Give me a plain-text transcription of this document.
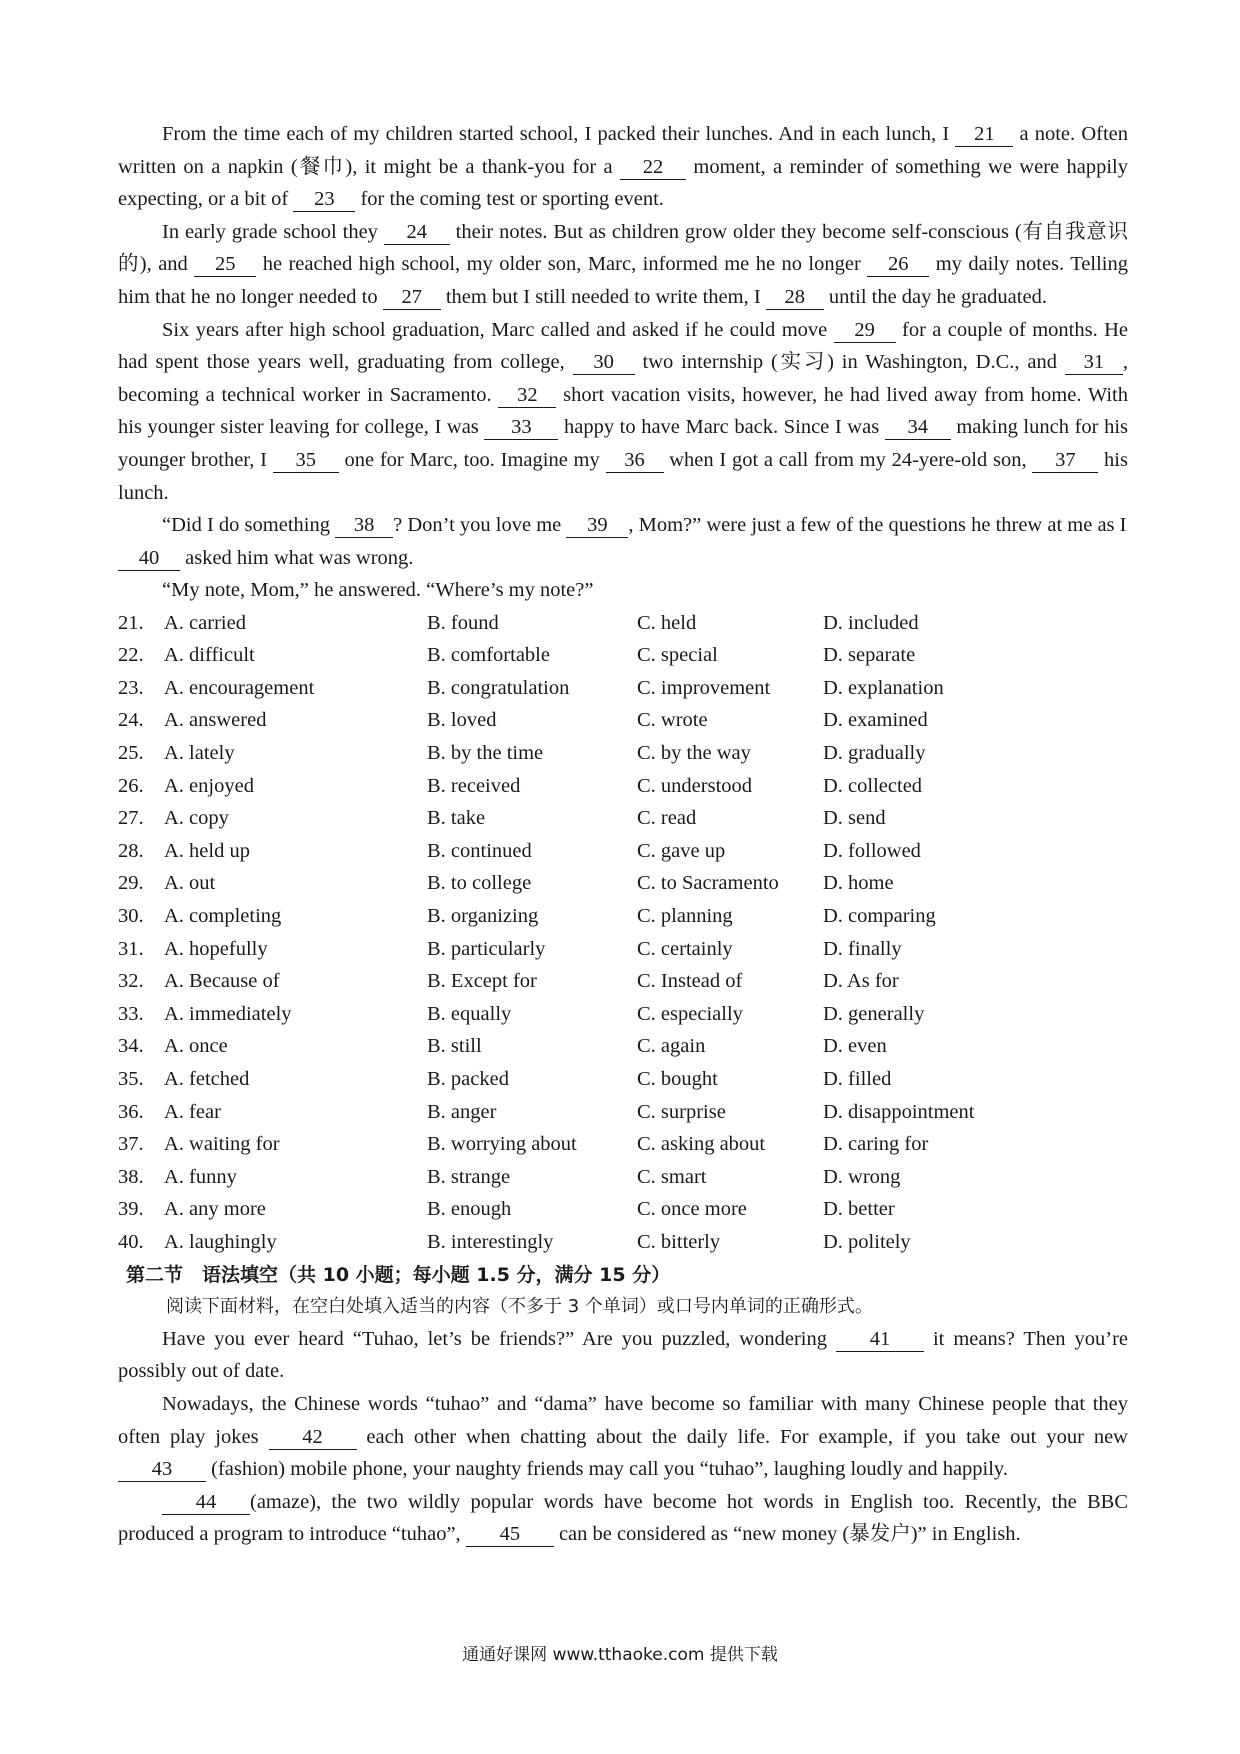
From the time each of my children started school, I packed their lunches. And in each lunch, I 21 a note. Often written on a napkin (餐巾), it might be a thank-you for a 22 moment, a reminder of something we were happily expecting, or a bit of 23 for the coming test or sporting event.

In early grade school they 24 their notes. But as children grow older they become self-conscious (有自我意识的), and 25 he reached high school, my older son, Marc, informed me he no longer 26 my daily notes. Telling him that he no longer needed to 27 them but I still needed to write them, I 28 until the day he graduated.

Six years after high school graduation, Marc called and asked if he could move 29 for a couple of months. He had spent those years well, graduating from college, 30 two internship (实习) in Washington, D.C., and 31 , becoming a technical worker in Sacramento. 32 short vacation visits, however, he had lived away from home. With his younger sister leaving for college, I was 33 happy to have Marc back. Since I was 34 making lunch for his younger brother, I 35 one for Marc, too. Imagine my 36 when I got a call from my 24-yere-old son, 37 his lunch.

“Did I do something 38 ? Don’t you love me 39 , Mom?” were just a few of the questions he threw at me as I 40 asked him what was wrong.

“My note, Mom,” he answered. “Where’s my note?”

21. A. carried	B. found	C. held	D. included
22. A. difficult	B. comfortable	C. special	D. separate
23. A. encouragement	B. congratulation	C. improvement	D. explanation
24. A. answered	B. loved	C. wrote	D. examined
25. A. lately	B. by the time	C. by the way	D. gradually
26. A. enjoyed	B. received	C. understood	D. collected
27. A. copy	B. take	C. read	D. send
28. A. held up	B. continued	C. gave up	D. followed
29. A. out	B. to college	C. to Sacramento	D. home
30. A. completing	B. organizing	C. planning	D. comparing
31. A. hopefully	B. particularly	C. certainly	D. finally
32. A. Because of	B. Except for	C. Instead of	D. As for
33. A. immediately	B. equally	C. especially	D. generally
34. A. once	B. still	C. again	D. even
35. A. fetched	B. packed	C. bought	D. filled
36. A. fear	B. anger	C. surprise	D. disappointment
37. A. waiting for	B. worrying about	C. asking about	D. caring for
38. A. funny	B. strange	C. smart	D. wrong
39. A. any more	B. enough	C. once more	D. better
40. A. laughingly	B. interestingly	C. bitterly	D. politely
第二节　语法填空（共 10 小题；每小题 1.5 分，满分 15 分）
阅读下面材料，在空白处填入适当的内容（不多于 3 个单词）或口号内单词的正确形式。

Have you ever heard “Tuhao, let’s be friends?” Are you puzzled, wondering 41 it means? Then you’re possibly out of date.

Nowadays, the Chinese words “tuhao” and “dama” have become so familiar with many Chinese people that they often play jokes 42 each other when chatting about the daily life. For example, if you take out your new 43 (fashion) mobile phone, your naughty friends may call you “tuhao”, laughing loudly and happily.

44 (amaze), the two wildly popular words have become hot words in English too. Recently, the BBC produced a program to introduce “tuhao”, 45 can be considered as “new money (暴发户)” in English.

通通好课网 www.tthaoke.com 提供下载
